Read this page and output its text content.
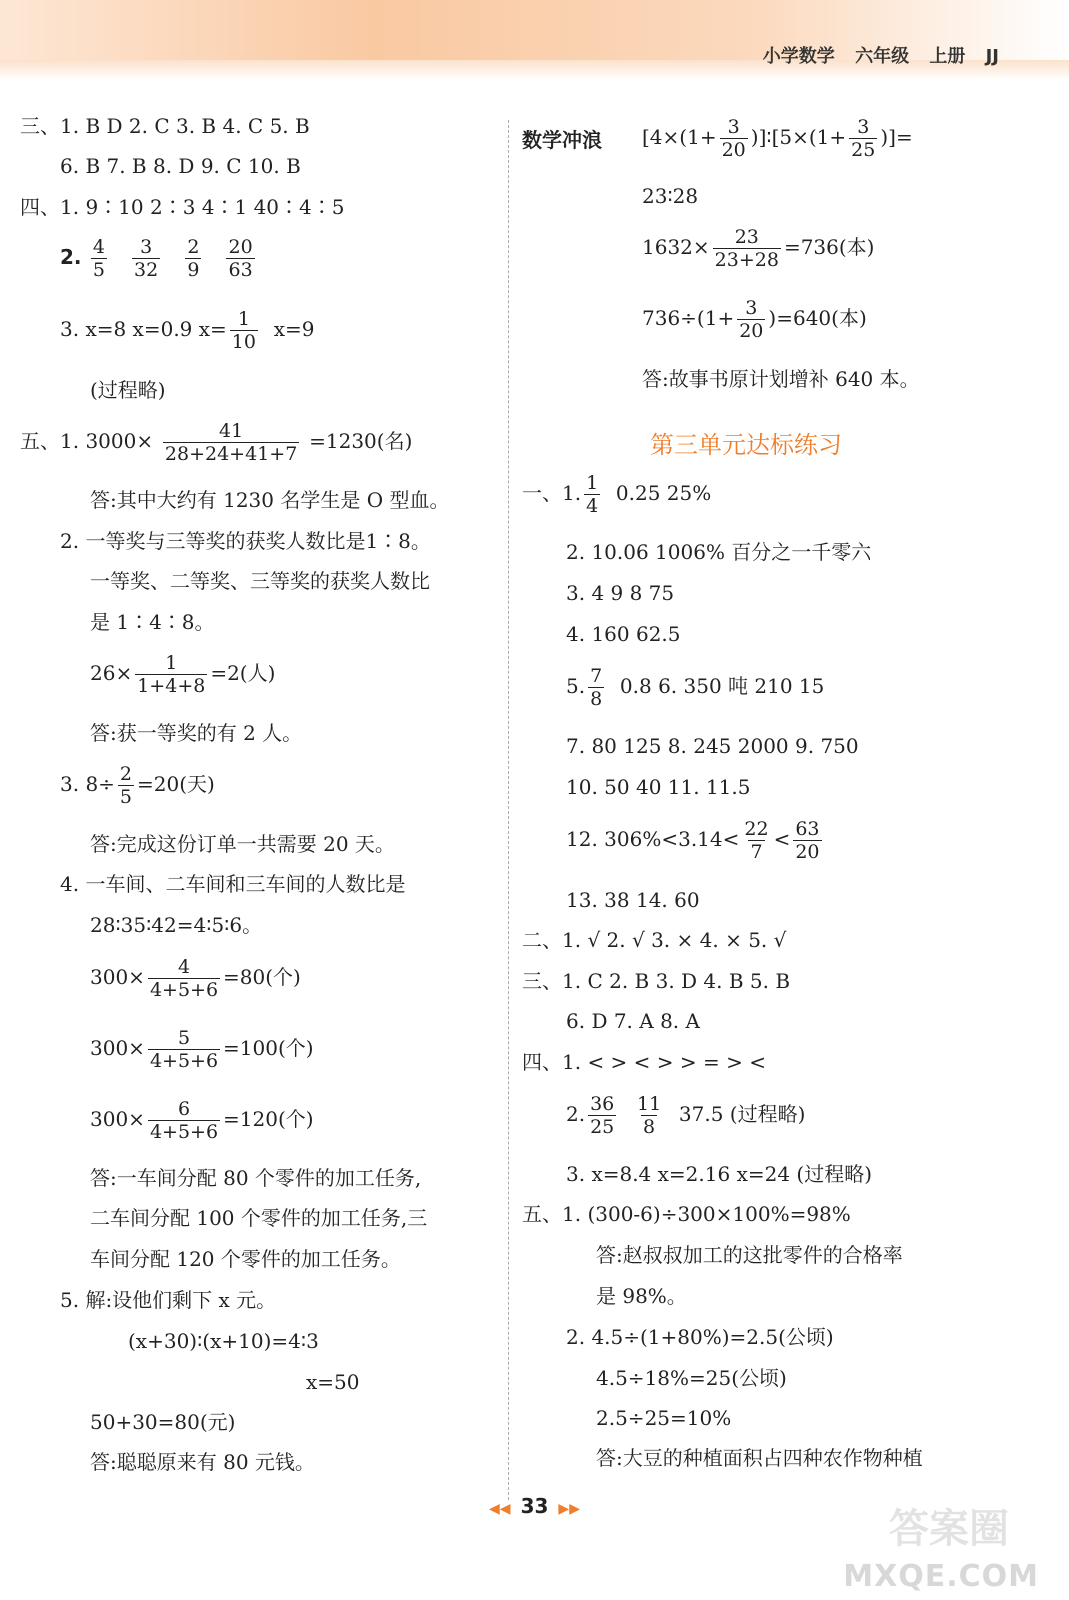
小学数学 六年级 上册 JJ
三、1. B D 2. C 3. B 4. C 5. B
6. B 7. B 8. D 9. C 10. B
四、1. 9∶10 2∶3 4∶1 40∶4∶5
2. $\frac{4}{5}$
$\frac{3}{32}$
$\frac{2}{9}$
$\frac{20}{63}$
3. x=8 x=0.9 $x= \frac{1}{10} x=9$
(过程略)
五、1. $3000\times \frac{41}{28+24+41+7} =1230$(名)
答:其中大约有 1230 名学生是 O 型血。
2. 一等奖与三等奖的获奖人数比是1∶8。
一等奖、二等奖、三等奖的获奖人数比
是 1∶4∶8。
$26\times \frac{1}{1+4+8} =2$(人)
答:获一等奖的有 2 人。
3. $8\div \frac{2}{5} =20$(天)
答:完成这份订单一共需要 20 天。
4. 一车间、二车间和三车间的人数比是
28∶35∶42=4∶5∶6。
$300\times \frac{4}{4+5+6} =80$(个)
$300\times \frac{5}{4+5+6} =100$(个)
$300\times \frac{6}{4+5+6} =120$(个)
答:一车间分配 80 个零件的加工任务,
二车间分配 100 个零件的加工任务,三
车间分配 120 个零件的加工任务。
5. 解:设他们剩下 x 元。
(x+30)∶(x+10)=4∶3
x=50
50+30=80(元)
答:聪聪原来有 80 元钱。
数学冲浪 [$4\times(1+ \frac{3}{20}$ )]∶[5×(1+ $\frac{3}{25}$ )]=
23∶28
$1632\times \frac{23}{23+28} =736$(本)
$736\div(1+ \frac{3}{20} )=640$(本)
答:故事书原计划增补 640 本。
第三单元达标练习
一、1. $\frac{1}{4} 0.25$ 25%
2. 10.06 1006% 百分之一千零六
3. 4 9 8 75
4. 160 62.5
5. $\frac{7}{8} 0.8$ 6. 350 吨 210 15
7. 80 125 8. 245 2000 9. 750
10. 50 40 11. 11.5
12. $306\%<3.14< \frac{22}{7} < \frac{63}{20}$
13. 38 14. 60
二、1. √ 2. √ 3. × 4. × 5. √
三、1. C 2. B 3. D 4. B 5. B
6. D 7. A 8. A
四、1. < > < > > = > <
2. $\frac{36}{25}$
$\frac{11}{8} 37.5$ (过程略)
3. x=8.4 x=2.16 x=24 (过程略)
五、1. (300-6)÷300×100%=98%
答:赵叔叔加工的这批零件的合格率
是 98%。
2. 4.5÷(1+80%)=2.5(公顷)
4.5÷18%=25(公顷)
2.5÷25=10%
答:大豆的种植面积占四种农作物种植
◀◀ 33 ▶▶	答案圈
MXQE.COM
